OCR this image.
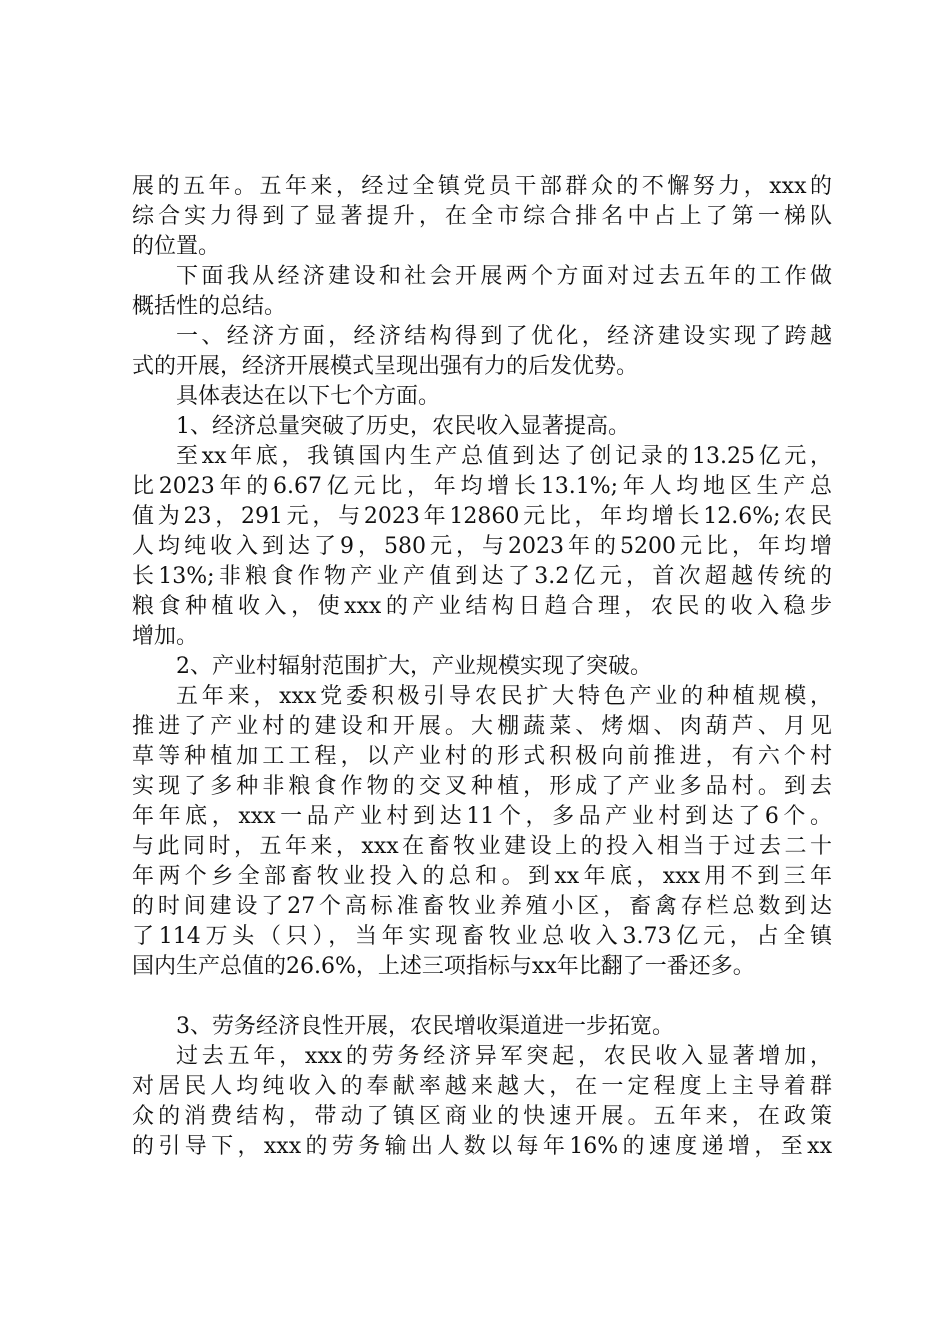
展的五年。五年来，经过全镇党员干部群众的不懈努力，xxx的
综合实力得到了显著提升，在全市综合排名中占上了第一梯队
的位置。
下面我从经济建设和社会开展两个方面对过去五年的工作做
概括性的总结。
一、经济方面，经济结构得到了优化，经济建设实现了跨越
式的开展，经济开展模式呈现出强有力的后发优势。
具体表达在以下七个方面。
1、经济总量突破了历史，农民收入显著提高。
至xx年底，我镇国内生产总值到达了创记录的13.25亿元，
比2023年的6.67亿元比，年均增长13.1%;年人均地区生产总
值为23，291元，与2023年12860元比，年均增长12.6%;农民
人均纯收入到达了9，580元，与2023年的5200元比，年均增
长13%;非粮食作物产业产值到达了3.2亿元，首次超越传统的
粮食种植收入，使xxx的产业结构日趋合理，农民的收入稳步
增加。
2、产业村辐射范围扩大，产业规模实现了突破。
五年来，xxx党委积极引导农民扩大特色产业的种植规模，
推进了产业村的建设和开展。大棚蔬菜、烤烟、肉葫芦、月见
草等种植加工工程，以产业村的形式积极向前推进，有六个村
实现了多种非粮食作物的交叉种植，形成了产业多品村。到去
年年底，xxx一品产业村到达11个，多品产业村到达了6个。
与此同时，五年来，xxx在畜牧业建设上的投入相当于过去二十
年两个乡全部畜牧业投入的总和。到xx年底，xxx用不到三年
的时间建设了27个高标准畜牧业养殖小区，畜禽存栏总数到达
了114万头（只），当年实现畜牧业总收入3.73亿元，占全镇
国内生产总值的26.6%，上述三项指标与xx年比翻了一番还多。
3、劳务经济良性开展，农民增收渠道进一步拓宽。
过去五年，xxx的劳务经济异军突起，农民收入显著增加，
对居民人均纯收入的奉献率越来越大，在一定程度上主导着群
众的消费结构，带动了镇区商业的快速开展。五年来，在政策
的引导下，xxx的劳务输出人数以每年16%的速度递增，至xx
